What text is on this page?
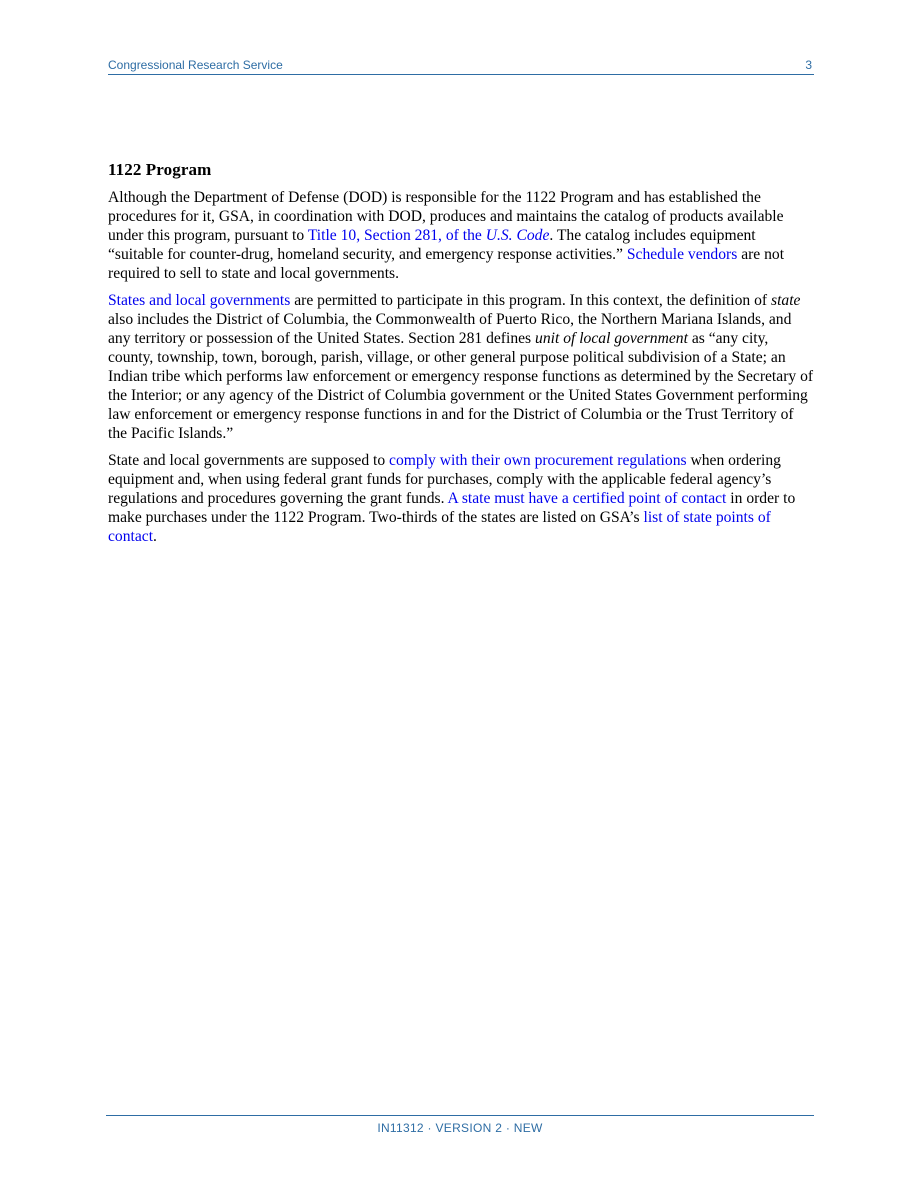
Congressional Research Service	3
1122 Program

Although the Department of Defense (DOD) is responsible for the 1122 Program and has established the procedures for it, GSA, in coordination with DOD, produces and maintains the catalog of products available under this program, pursuant to Title 10, Section 281, of the U.S. Code. The catalog includes equipment “suitable for counter-drug, homeland security, and emergency response activities.” Schedule vendors are not required to sell to state and local governments.

States and local governments are permitted to participate in this program. In this context, the definition of state also includes the District of Columbia, the Commonwealth of Puerto Rico, the Northern Mariana Islands, and any territory or possession of the United States. Section 281 defines unit of local government as “any city, county, township, town, borough, parish, village, or other general purpose political subdivision of a State; an Indian tribe which performs law enforcement or emergency response functions as determined by the Secretary of the Interior; or any agency of the District of Columbia government or the United States Government performing law enforcement or emergency response functions in and for the District of Columbia or the Trust Territory of the Pacific Islands.”

State and local governments are supposed to comply with their own procurement regulations when ordering equipment and, when using federal grant funds for purchases, comply with the applicable federal agency’s regulations and procedures governing the grant funds. A state must have a certified point of contact in order to make purchases under the 1122 Program. Two-thirds of the states are listed on GSA’s list of state points of contact.

IN11312 · VERSION 2 · NEW
